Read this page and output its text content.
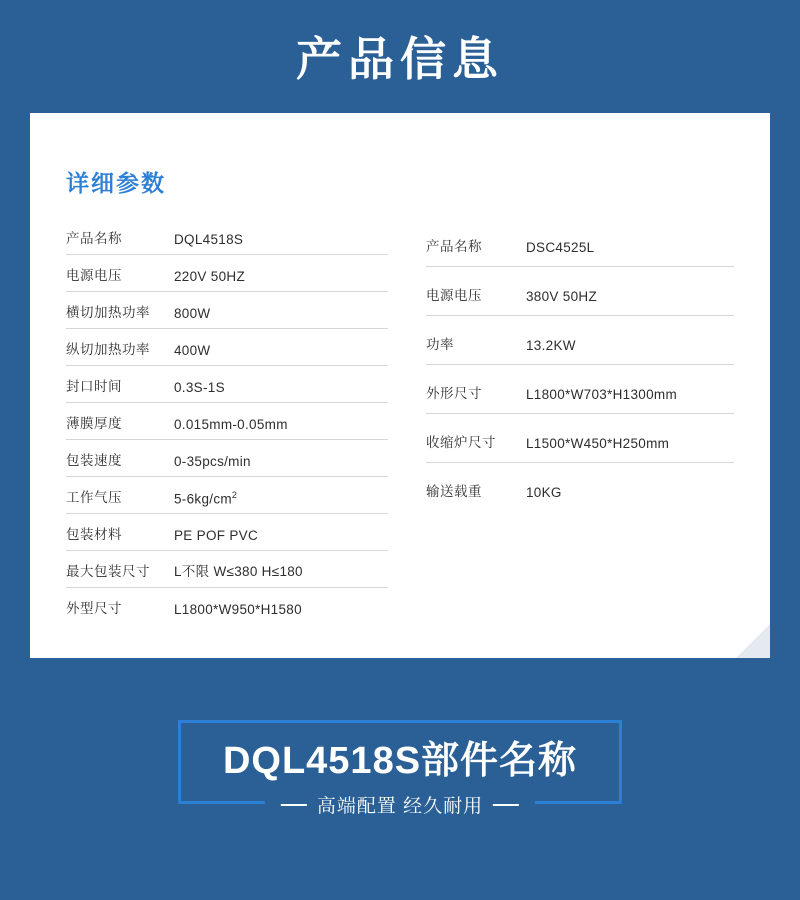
产品信息
详细参数
产品名称	DQL4518S
电源电压	220V 50HZ
横切加热功率	800W
纵切加热功率	400W
封口时间	0.3S-1S
薄膜厚度	0.015mm-0.05mm
包装速度	0-35pcs/min
工作气压	$5-6kg/cm^2$
包装材料	PE POF PVC
最大包装尺寸	L不限 W≤380 H≤180
外型尺寸	L1800*W950*H1580
产品名称	DSC4525L
电源电压	380V 50HZ
功率	13.2KW
外形尺寸	L1800*W703*H1300mm
收缩炉尺寸	L1500*W450*H250mm
输送载重	10KG
DQL4518S部件名称
高端配置 经久耐用
